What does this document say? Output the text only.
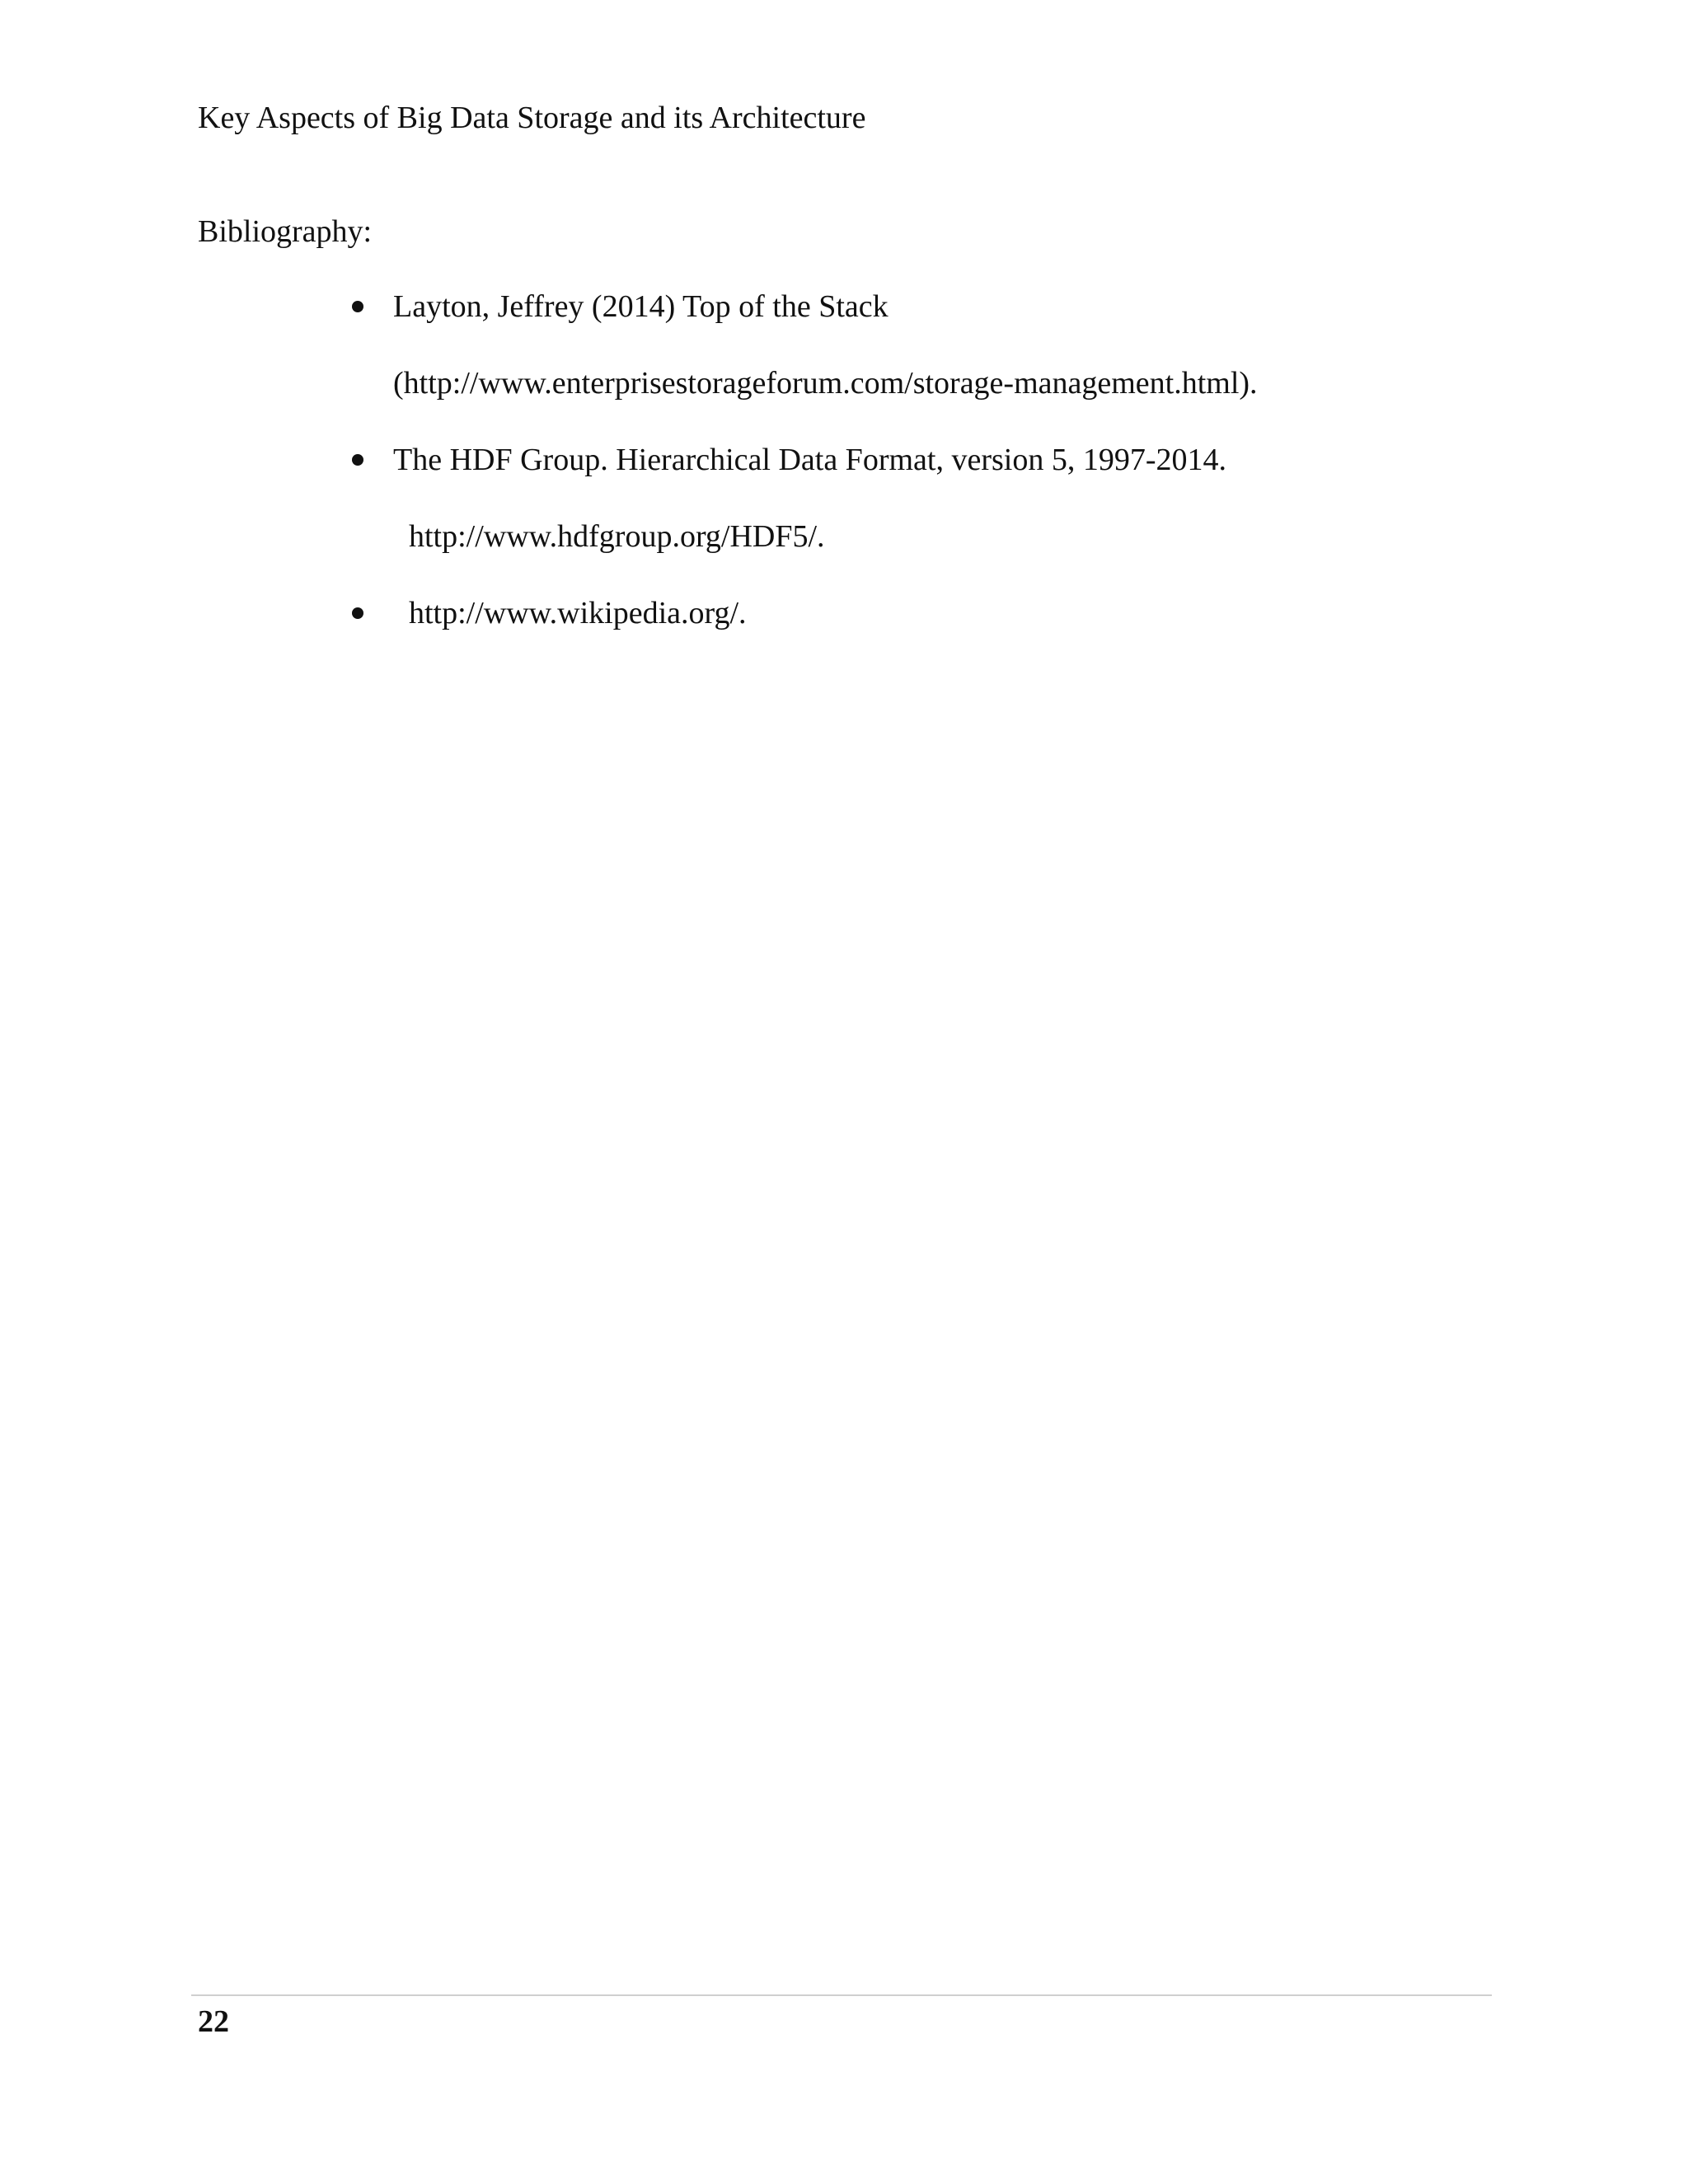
Key Aspects of Big Data Storage and its Architecture
Bibliography:
Layton, Jeffrey (2014) Top of the Stack
(http://www.enterprisestorageforum.com/storage-management.html).
The HDF Group. Hierarchical Data Format, version 5, 1997-2014.
http://www.hdfgroup.org/HDF5/.
http://www.wikipedia.org/.
22
